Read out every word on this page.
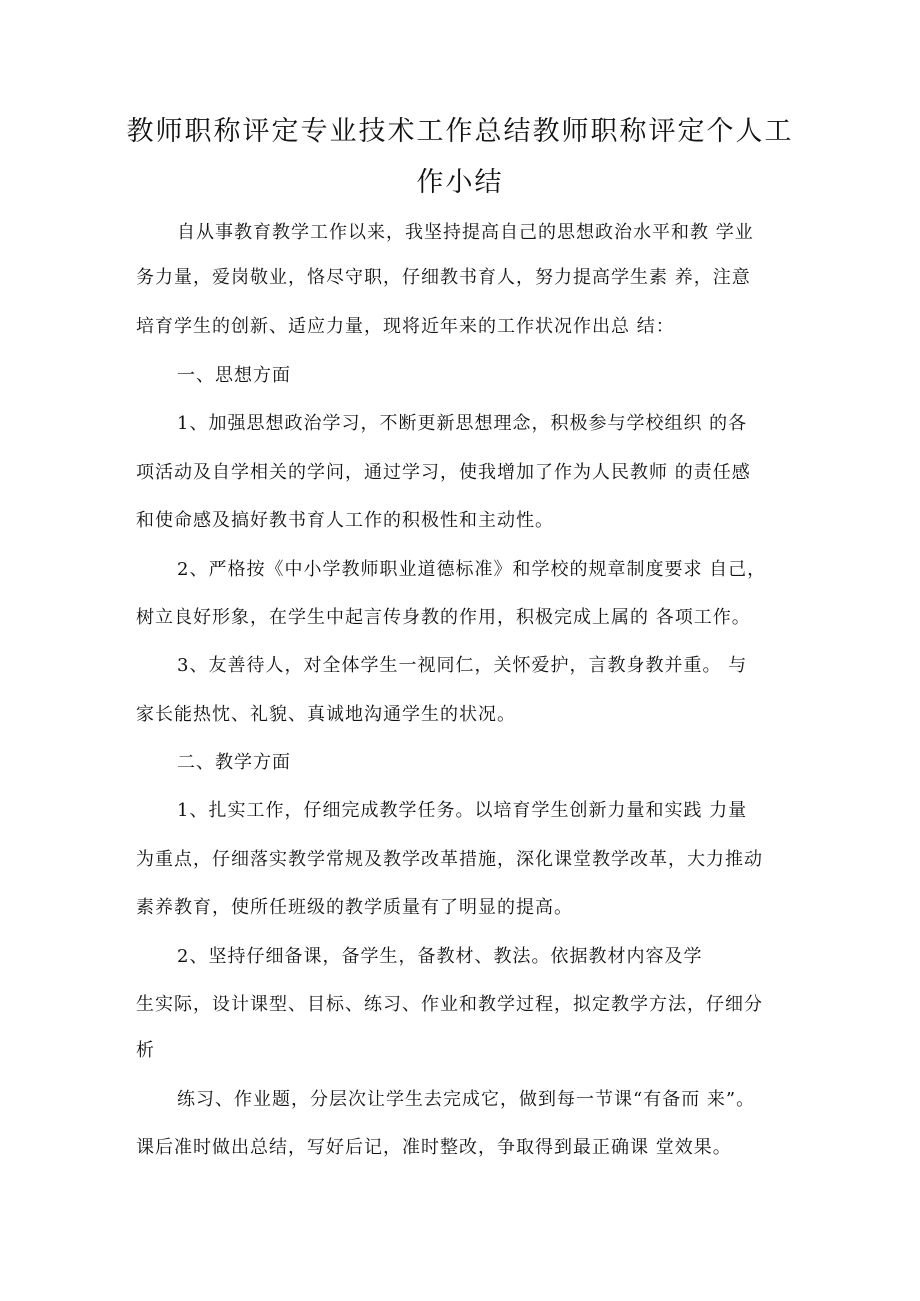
教师职称评定专业技术工作总结教师职称评定个人工
作小结

自从事教育教学工作以来，我坚持提高自己的思想政治水平和教 学业

务力量，爱岗敬业，恪尽守职，仔细教书育人，努力提高学生素 养，注意

培育学生的创新、适应力量，现将近年来的工作状况作出总 结：

一、思想方面

1、加强思想政治学习，不断更新思想理念，积极参与学校组织 的各

项活动及自学相关的学问，通过学习，使我增加了作为人民教师 的责任感

和使命感及搞好教书育人工作的积极性和主动性。

2、严格按《中小学教师职业道德标准》和学校的规章制度要求 自己，

树立良好形象，在学生中起言传身教的作用，积极完成上属的 各项工作。

3、友善待人，对全体学生一视同仁，关怀爱护，言教身教并重。 与

家长能热忱、礼貌、真诚地沟通学生的状况。

二、教学方面

1、扎实工作，仔细完成教学任务。以培育学生创新力量和实践 力量

为重点，仔细落实教学常规及教学改革措施，深化课堂教学改革，大力推动

素养教育，使所任班级的教学质量有了明显的提高。

2、坚持仔细备课，备学生，备教材、教法。依据教材内容及学

生实际，设计课型、目标、练习、作业和教学过程，拟定教学方法，仔细分

析

练习、作业题，分层次让学生去完成它，做到每一节课“有备而 来”。

课后准时做出总结，写好后记，准时整改，争取得到最正确课 堂效果。
